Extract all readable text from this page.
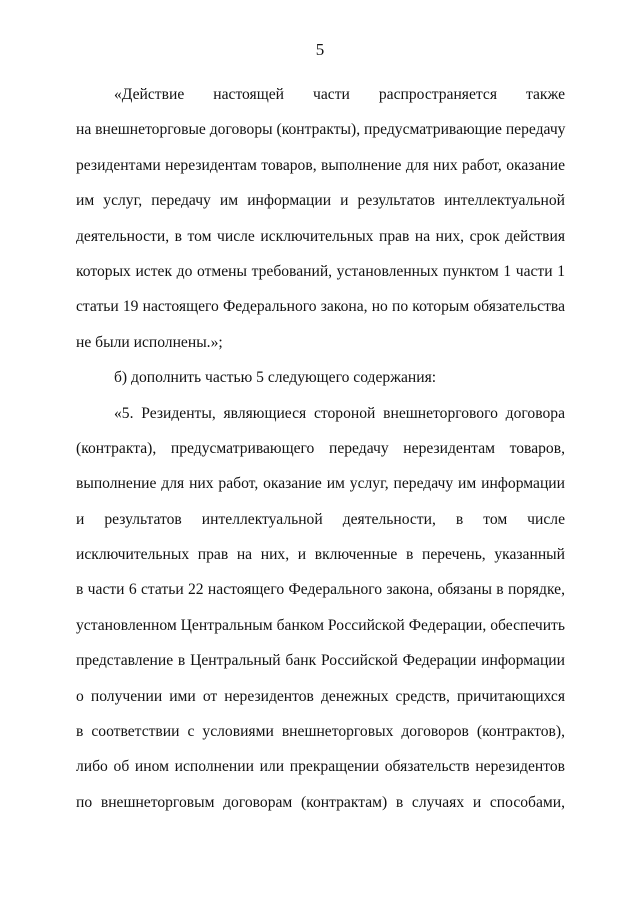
5
«Действие настоящей части распространяется также
на внешнеторговые договоры (контракты), предусматривающие передачу
резидентами нерезидентам товаров, выполнение для них работ, оказание
им услуг, передачу им информации и результатов интеллектуальной
деятельности, в том числе исключительных прав на них, срок действия
которых истек до отмены требований, установленных пунктом 1 части 1
статьи 19 настоящего Федерального закона, но по которым обязательства
не были исполнены.»;
б) дополнить частью 5 следующего содержания:
«5. Резиденты, являющиеся стороной внешнеторгового договора
(контракта), предусматривающего передачу нерезидентам товаров,
выполнение для них работ, оказание им услуг, передачу им информации
и результатов интеллектуальной деятельности, в том числе
исключительных прав на них, и включенные в перечень, указанный
в части 6 статьи 22 настоящего Федерального закона, обязаны в порядке,
установленном Центральным банком Российской Федерации, обеспечить
представление в Центральный банк Российской Федерации информации
о получении ими от нерезидентов денежных средств, причитающихся
в соответствии с условиями внешнеторговых договоров (контрактов),
либо об ином исполнении или прекращении обязательств нерезидентов
по внешнеторговым договорам (контрактам) в случаях и способами,
